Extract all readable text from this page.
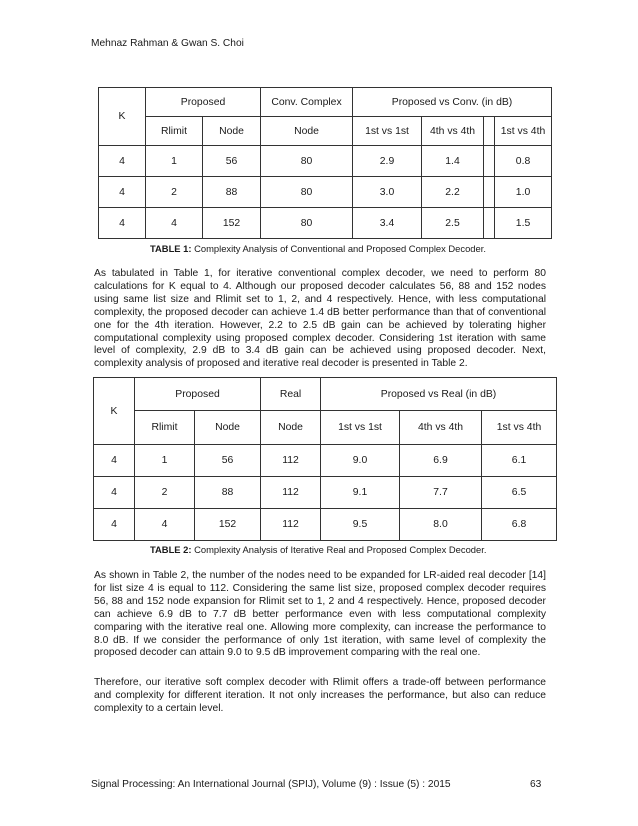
Mehnaz Rahman & Gwan S. Choi
K	Proposed		Conv. Complex	Proposed vs Conv. (in dB)			
	Rlimit	Node	Node	1st vs 1st	4th vs 4th		1st vs 4th
4	1	56	80	2.9	1.4		0.8
4	2	88	80	3.0	2.2		1.0
4	4	152	80	3.4	2.5		1.5
TABLE 1: Complexity Analysis of Conventional and Proposed Complex Decoder.
As tabulated in Table 1, for iterative conventional complex decoder, we need to perform 80 calculations for K equal to 4. Although our proposed decoder calculates 56, 88 and 152 nodes using same list size and Rlimit set to 1, 2, and 4 respectively. Hence, with less computational complexity, the proposed decoder can achieve 1.4 dB better performance than that of conventional one for the 4th iteration. However, 2.2 to 2.5 dB gain can be achieved by tolerating higher computational complexity using proposed complex decoder. Considering 1st iteration with same level of complexity, 2.9 dB to 3.4 dB gain can be achieved using proposed decoder. Next, complexity analysis of proposed and iterative real decoder is presented in Table 2.
K	Proposed		Real	Proposed vs Real (in dB)		
	Rlimit	Node	Node	1st vs 1st	4th vs 4th	1st vs 4th
4	1	56	112	9.0	6.9	6.1
4	2	88	112	9.1	7.7	6.5
4	4	152	112	9.5	8.0	6.8
TABLE 2: Complexity Analysis of Iterative Real and Proposed Complex Decoder.
As shown in Table 2, the number of the nodes need to be expanded for LR-aided real decoder [14] for list size 4 is equal to 112. Considering the same list size, proposed complex decoder requires 56, 88 and 152 node expansion for Rlimit set to 1, 2 and 4 respectively. Hence, proposed decoder can achieve 6.9 dB to 7.7 dB better performance even with less computational complexity comparing with the iterative real one. Allowing more complexity, can increase the performance to 8.0 dB. If we consider the performance of only 1st iteration, with same level of complexity the proposed decoder can attain 9.0 to 9.5 dB improvement comparing with the real one.
Therefore, our iterative soft complex decoder with Rlimit offers a trade-off between performance and complexity for different iteration. It not only increases the performance, but also can reduce complexity to a certain level.
Signal Processing: An International Journal (SPIJ), Volume (9) : Issue (5) : 2015	63
